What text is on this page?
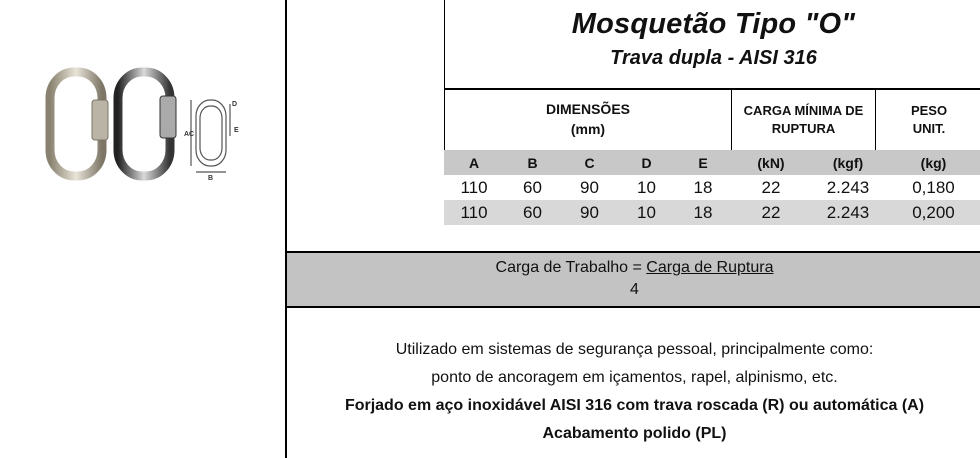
D
A C
E
B
Mosquetão Tipo "O"
Trava dupla - AISI 316
DIMENSÕES
(mm)
CARGA MÍNIMA DE
RUPTURA
PESO
UNIT.
A	B	C	D	E	(kN)	(kgf)	(kg)
110	60	90	10	18	22	2.243	0,180
110	60	90	10	18	22	2.243	0,200
Carga de Trabalho = Carga de Ruptura
4
Utilizado em sistemas de segurança pessoal, principalmente como:
ponto de ancoragem em içamentos, rapel, alpinismo, etc.
Forjado em aço inoxidável AISI 316 com trava roscada (R) ou automática (A)
Acabamento polido (PL)
